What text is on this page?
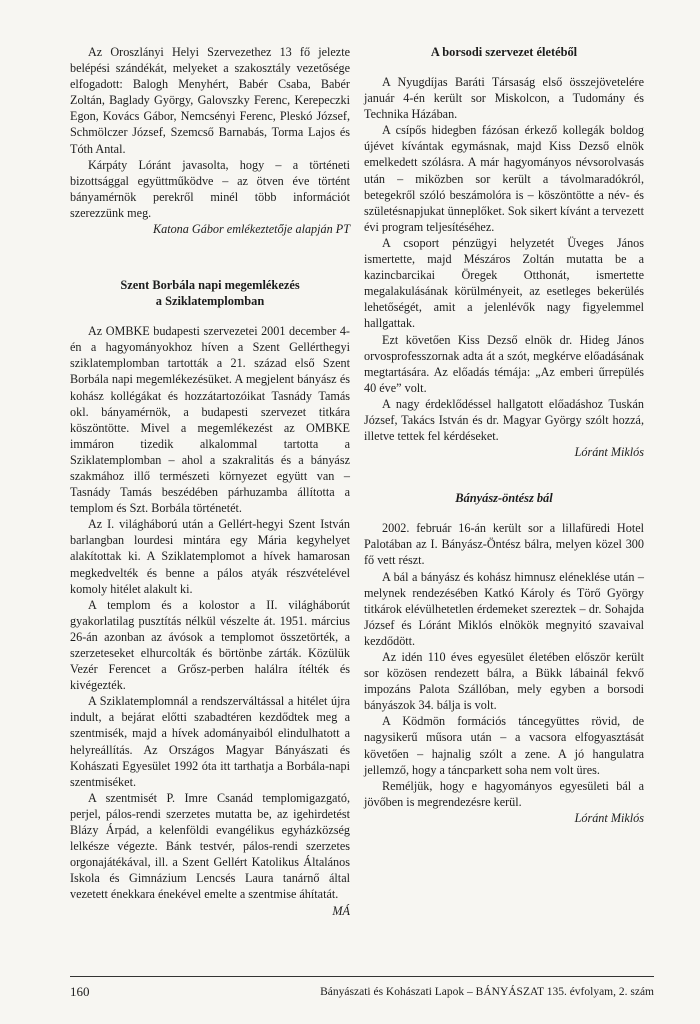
Az Oroszlányi Helyi Szervezethez 13 fő jelezte belépési szándékát, melyeket a szakosztály vezetősége elfogadott: Balogh Menyhért, Babér Csaba, Babér Zoltán, Baglady György, Galovszky Ferenc, Kerepeczki Egon, Kovács Gábor, Nemcsényi Ferenc, Pleskó József, Schmölczer József, Szemcső Barnabás, Torma Lajos és Tóth Antal.

Kárpáty Lóránt javasolta, hogy – a történeti bizottsággal együttműködve – az ötven éve történt bányamérnök perekről minél több információt szerezzünk meg.

Katona Gábor emlékeztetője alapján PT

Szent Borbála napi megemlékezés
a Sziklatemplomban

Az OMBKE budapesti szervezetei 2001 december 4-én a hagyományokhoz híven a Szent Gellérthegyi sziklatemplomban tartották a 21. század első Szent Borbála napi megemlékezésüket. A megjelent bányász és kohász kollégákat és hozzátartozóikat Tasnády Tamás okl. bányamérnök, a budapesti szervezet titkára köszöntötte. Mivel a megemlékezést az OMBKE immáron tizedik alkalommal tartotta a Sziklatemplomban – ahol a szakralitás és a bányász szakmához illő természeti környezet együtt van – Tasnády Tamás beszédében párhuzamba állította a templom és Szt. Borbála történetét.

Az I. világháború után a Gellért-hegyi Szent István barlangban lourdesi mintára egy Mária kegyhelyet alakítottak ki. A Sziklatemplomot a hívek hamarosan megkedvelték és benne a pálos atyák részvételével komoly hitélet alakult ki.

A templom és a kolostor a II. világháborút gyakorlatilag pusztítás nélkül vészelte át. 1951. március 26-án azonban az ávósok a templomot összetörték, a szerzeteseket elhurcolták és börtönbe zárták. Közülük Vezér Ferencet a Grősz-perben halálra ítélték és kivégezték.

A Sziklatemplomnál a rendszerváltással a hitélet újra indult, a bejárat előtti szabadtéren kezdődtek meg a szentmisék, majd a hívek adományaiból elindulhatott a helyreállítás. Az Országos Magyar Bányászati és Kohászati Egyesület 1992 óta itt tarthatja a Borbála-napi szentmiséket.

A szentmisét P. Imre Csanád templomigazgató, perjel, pálos-rendi szerzetes mutatta be, az igehirdetést Blázy Árpád, a kelenföldi evangélikus egyházközség lelkésze végezte. Bánk testvér, pálos-rendi szerzetes orgonajátékával, ill. a Szent Gellért Katolikus Általános Iskola és Gimnázium Lencsés Laura tanárnő által vezetett énekkara énekével emelte a szentmise áhítatát.

MÁ

A borsodi szervezet életéből

A Nyugdíjas Baráti Társaság első összejövetelére január 4-én került sor Miskolcon, a Tudomány és Technika Házában.

A csípős hidegben fázósan érkező kollegák boldog újévet kívántak egymásnak, majd Kiss Dezső elnök emelkedett szólásra. A már hagyományos névsorolvasás után – miközben sor került a távolmaradókról, betegekről szóló beszámolóra is – köszöntötte a név- és születésnapjukat ünneplőket. Sok sikert kívánt a tervezett évi program teljesítéséhez.

A csoport pénzügyi helyzetét Üveges János ismertette, majd Mészáros Zoltán mutatta be a kazincbarcikai Öregek Otthonát, ismertette megalakulásának körülményeit, az esetleges bekerülés lehetőségét, amit a jelenlévők nagy figyelemmel hallgattak.

Ezt követően Kiss Dezső elnök dr. Hideg János orvosprofesszornak adta át a szót, megkérve előadásának megtartására. Az előadás témája: „Az emberi űrrepülés 40 éve” volt.

A nagy érdeklődéssel hallgatott előadáshoz Tuskán József, Takács István és dr. Magyar György szólt hozzá, illetve tettek fel kérdéseket.

Lóránt Miklós

Bányász-öntész bál

2002. február 16-án került sor a lillafüredi Hotel Palotában az I. Bányász-Öntész bálra, melyen közel 300 fő vett részt.

A bál a bányász és kohász himnusz eléneklése után – melynek rendezésében Katkó Károly és Törő György titkárok elévülhetetlen érdemeket szereztek – dr. Sohajda József és Lóránt Miklós elnökök megnyitó szavaival kezdődött.

Az idén 110 éves egyesület életében először került sor közösen rendezett bálra, a Bükk lábainál fekvő impozáns Palota Szállóban, mely egyben a borsodi bányászok 34. bálja is volt.

A Ködmön formációs táncegyüttes rövid, de nagysikerű műsora után – a vacsora elfogyasztását követően – hajnalig szólt a zene. A jó hangulatra jellemző, hogy a táncparkett soha nem volt üres.

Reméljük, hogy e hagyományos egyesületi bál a jövőben is megrendezésre kerül.

Lóránt Miklós

160	Bányászati és Kohászati Lapok – BÁNYÁSZAT 135. évfolyam, 2. szám
